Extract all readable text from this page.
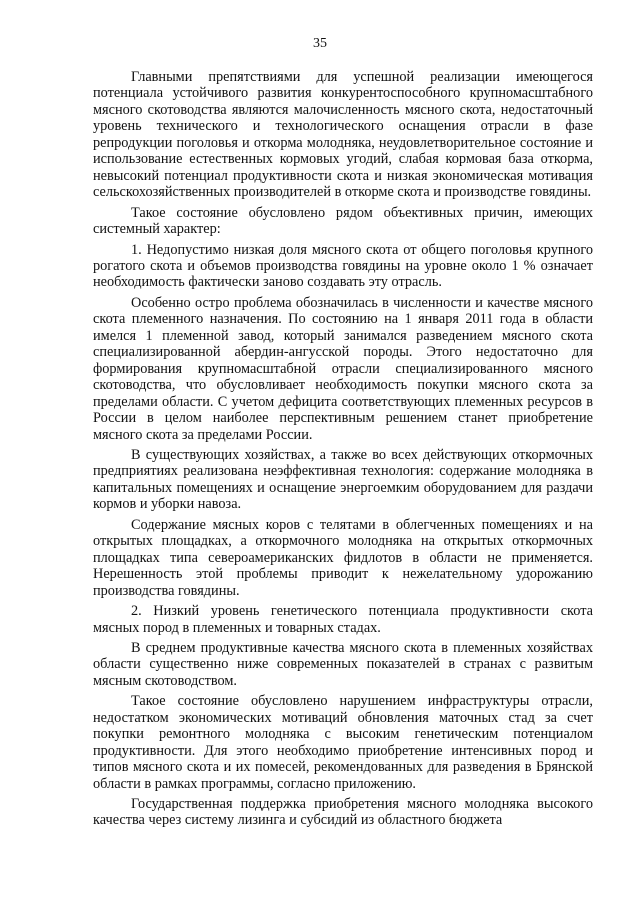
35

Главными препятствиями для успешной реализации имеющегося потенциала устойчивого развития конкурентоспособного крупномасштабного мясного скотоводства являются малочисленность мясного скота, недостаточный уровень технического и технологического оснащения отрасли в фазе репродукции поголовья и откорма молодняка, неудовлетворительное состояние и использование естественных кормовых угодий, слабая кормовая база откорма, невысокий потенциал продуктивности скота и низкая экономическая мотивация сельскохозяйственных производителей в откорме скота и производстве говядины.

Такое состояние обусловлено рядом объективных причин, имеющих системный характер:

1. Недопустимо низкая доля мясного скота от общего поголовья крупного рогатого скота и объемов производства говядины на уровне около 1 % означает необходимость фактически заново создавать эту отрасль.

Особенно остро проблема обозначилась в численности и качестве мясного скота племенного назначения. По состоянию на 1 января 2011 года в области имелся 1 племенной завод, который занимался разведением мясного скота специализированной абердин-ангусской породы. Этого недостаточно для формирования крупномасштабной отрасли специализированного мясного скотоводства, что обусловливает необходимость покупки мясного скота за пределами области. С учетом дефицита соответствующих племенных ресурсов в России в целом наиболее перспективным решением станет приобретение мясного скота за пределами России.

В существующих хозяйствах, а также во всех действующих откормочных предприятиях реализована неэффективная технология: содержание молодняка в капитальных помещениях и оснащение энергоемким оборудованием для раздачи кормов и уборки навоза.

Содержание мясных коров с телятами в облегченных помещениях и на открытых площадках, а откормочного молодняка на открытых откормочных площадках типа североамериканских фидлотов в области не применяется. Нерешенность этой проблемы приводит к нежелательному удорожанию производства говядины.

2. Низкий уровень генетического потенциала продуктивности скота мясных пород в племенных и товарных стадах.

В среднем продуктивные качества мясного скота в племенных хозяйствах области существенно ниже современных показателей в странах с развитым мясным скотоводством.

Такое состояние обусловлено нарушением инфраструктуры отрасли, недостатком экономических мотиваций обновления маточных стад за счет покупки ремонтного молодняка с высоким генетическим потенциалом продуктивности. Для этого необходимо приобретение интенсивных пород и типов мясного скота и их помесей, рекомендованных для разведения в Брянской области в рамках программы, согласно приложению.

Государственная поддержка приобретения мясного молодняка высокого качества через систему лизинга и субсидий из областного бюджета
